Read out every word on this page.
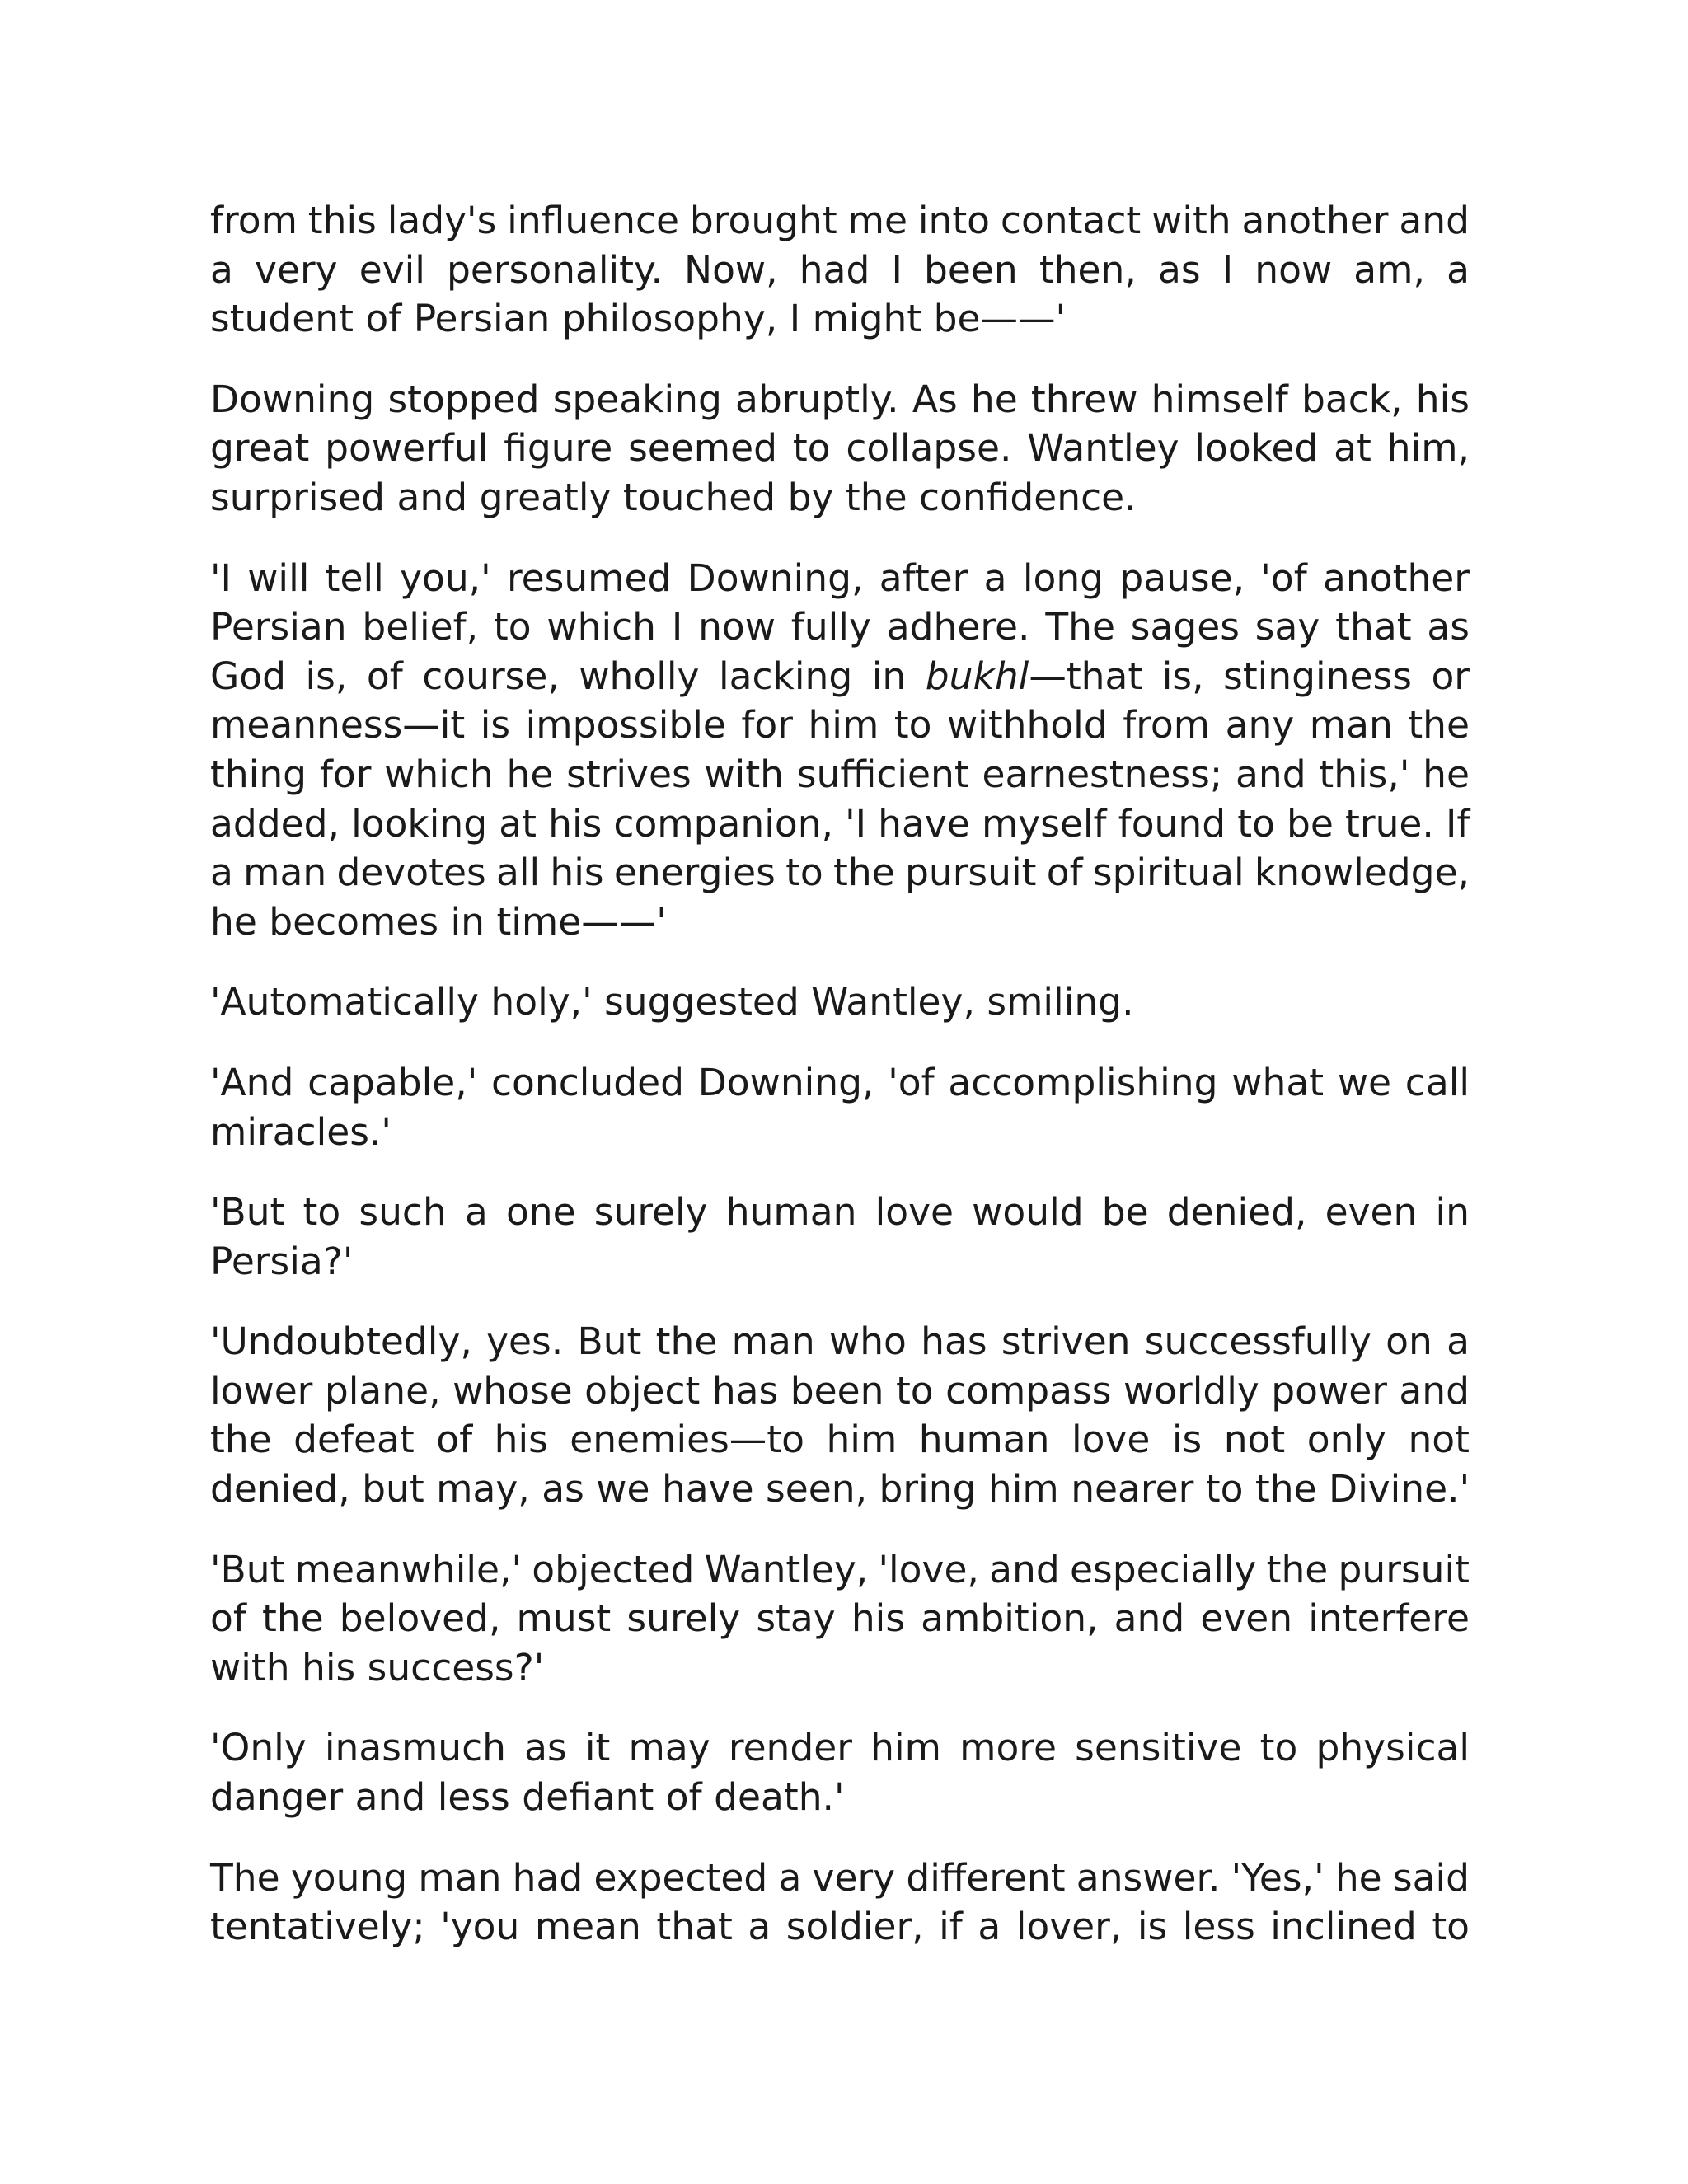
from this lady's influence brought me into contact with another and
a very evil personality. Now, had I been then, as I now am, a
student of Persian philosophy, I might be——'

Downing stopped speaking abruptly. As he threw himself back, his
great powerful figure seemed to collapse. Wantley looked at him,
surprised and greatly touched by the confidence.

'I will tell you,' resumed Downing, after a long pause, 'of another
Persian belief, to which I now fully adhere. The sages say that as
God is, of course, wholly lacking in bukhl—that is, stinginess or
meanness—it is impossible for him to withhold from any man the
thing for which he strives with sufficient earnestness; and this,' he
added, looking at his companion, 'I have myself found to be true. If
a man devotes all his energies to the pursuit of spiritual knowledge,
he becomes in time——'

'Automatically holy,' suggested Wantley, smiling.

'And capable,' concluded Downing, 'of accomplishing what we call
miracles.'

'But to such a one surely human love would be denied, even in
Persia?'

'Undoubtedly, yes. But the man who has striven successfully on a
lower plane, whose object has been to compass worldly power and
the defeat of his enemies—to him human love is not only not
denied, but may, as we have seen, bring him nearer to the Divine.'

'But meanwhile,' objected Wantley, 'love, and especially the pursuit
of the beloved, must surely stay his ambition, and even interfere
with his success?'

'Only inasmuch as it may render him more sensitive to physical
danger and less defiant of death.'

The young man had expected a very different answer. 'Yes,' he said
tentatively; 'you mean that a soldier, if a lover, is less inclined to
